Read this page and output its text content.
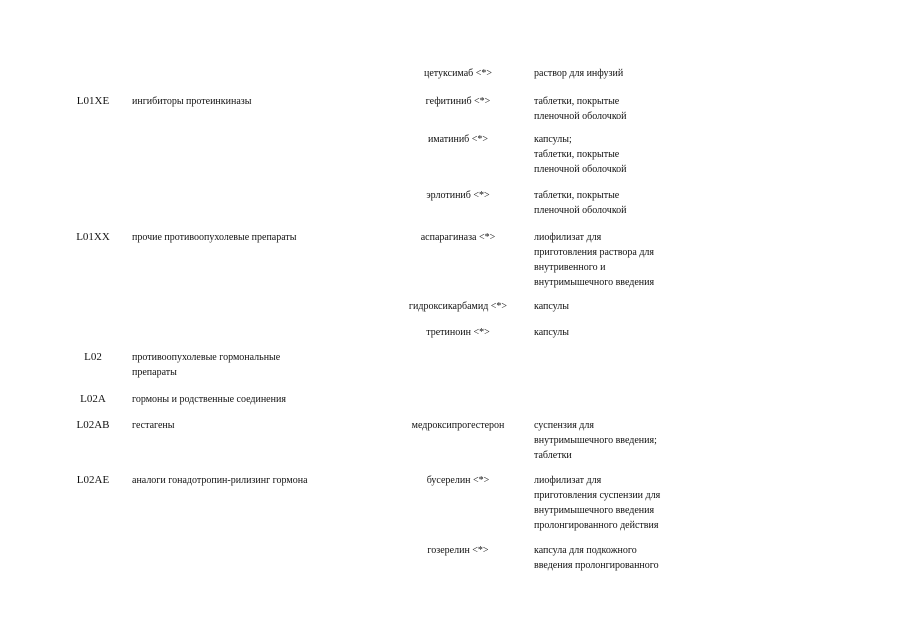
цетуксимаб <*>	раствор для инфузий
L01XE	ингибиторы протеинкиназы	гефитиниб <*>	таблетки, покрытые
пленочной оболочкой
иматиниб <*>	капсулы;
таблетки, покрытые
пленочной оболочкой
эрлотиниб <*>	таблетки, покрытые
пленочной оболочкой
L01XX	прочие противоопухолевые препараты	аспарагиназа <*>	лиофилизат для
приготовления раствора для
внутривенного и
внутримышечного введения
гидроксикарбамид <*>	капсулы
третиноин <*>	капсулы
L02	противоопухолевые гормональные
препараты
L02A	гормоны и родственные соединения
L02AB	гестагены	медроксипрогестерон	суспензия для
внутримышечного введения;
таблетки
L02AE	аналоги гонадотропин-рилизинг гормона	бусерелин <*>	лиофилизат для
приготовления суспензии для
внутримышечного введения
пролонгированного действия
гозерелин <*>	капсула для подкожного
введения пролонгированного
